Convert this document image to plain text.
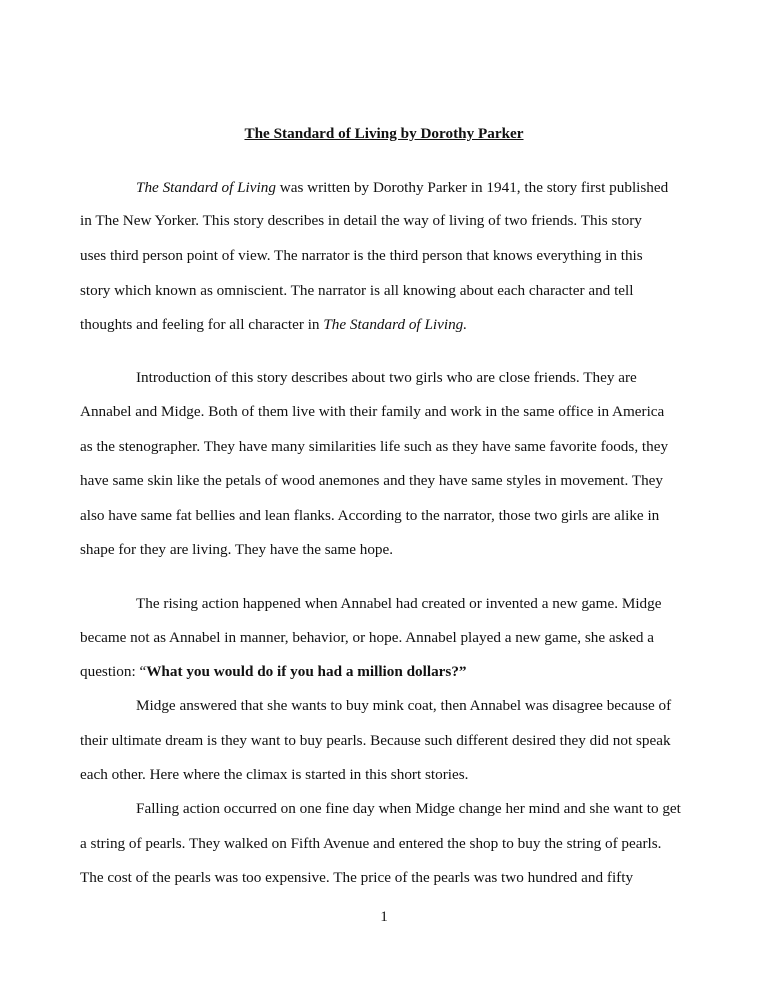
The Standard of Living by Dorothy Parker
The Standard of Living was written by Dorothy Parker in 1941, the story first published
in The New Yorker. This story describes in detail the way of living of two friends. This story
uses third person point of view. The narrator is the third person that knows everything in this
story which known as omniscient. The narrator is all knowing about each character and tell
thoughts and feeling for all character in The Standard of Living.
Introduction of this story describes about two girls who are close friends. They are
Annabel and Midge. Both of them live with their family and work in the same office in America
as the stenographer. They have many similarities life such as they have same favorite foods, they
have same skin like the petals of wood anemones and they have same styles in movement. They
also have same fat bellies and lean flanks. According to the narrator, those two girls are alike in
shape for they are living. They have the same hope.
The rising action happened when Annabel had created or invented a new game. Midge
became not as Annabel in manner, behavior, or hope. Annabel played a new game, she asked a
question: “What you would do if you had a million dollars?”
Midge answered that she wants to buy mink coat, then Annabel was disagree because of
their ultimate dream is they want to buy pearls. Because such different desired they did not speak
each other. Here where the climax is started in this short stories.
Falling action occurred on one fine day when Midge change her mind and she want to get
a string of pearls. They walked on Fifth Avenue and entered the shop to buy the string of pearls.
The cost of the pearls was too expensive. The price of the pearls was two hundred and fifty
1
